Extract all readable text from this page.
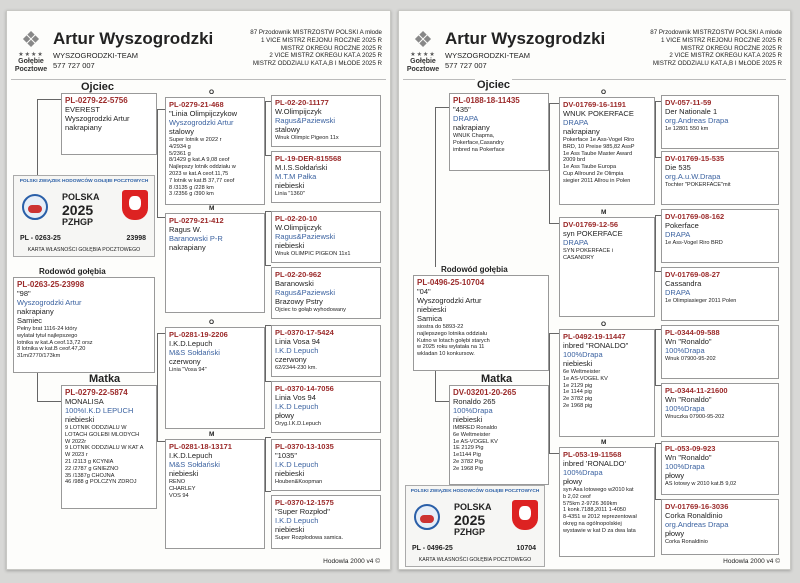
❖
★★★★
Gołębie Pocztowe
Artur Wyszogrodzki
WYSZOGRODZKI-TEAM
577 727 007
87 Przodownik MISTRZOSTW POLSKI A młode
1 VICE MISTRZ REJONU ROCZNE 2025 R
MISTRZ OKREGU ROCZNE 2025 R
2 VICE MISTRZ OKREGU KAT.A 2025 R
MISTRZ ODDZIALU KAT.A,B I MŁODE 2025 R
PL-0279-22-5756
EVEREST
Wyszogrodzki Artur
nakrapiany
Ojciec
POLSKI ZWIĄZEK HODOWCÓW GOŁĘBI POCZTOWYCH
POLSKA
2025
PZHGP
PL - 0263-25	23998
KARTA WŁASNOŚCI GOŁĘBIA POCZTOWEGO
Rodowód gołębia
PL-0263-25-23998
"98"
Wyszogrodzki Artur
nakrapiany
Samiec
Pełny brat 1116-24 który
wylatał tytuł najlepszego
lotnika w kat.A ceof.13,72 orsz
8 lotnika w kat.B ceof.47,20
31m/2770/173km
Matka
PL-0279-22-5874
MONALISA
100%I.K.D LEPUCH
niebieski
9 LOTNIK ODDZIALU W
LOTACH GOLEBI MLODYCH
W 2022r
9 LOTNIK ODDZIALU W KAT A
W 2023 r
21 /2113 g KCYNIA
22 /2787 g GNIEZNO
35 /1387g CHOJNA
46 /988 g POLCZYN ZDROJ
O
PL-0279-21-468
"Linia Olimpijczykow
Wyszogrodzki Artur
stalowy
Super lotnik w 2022 r
4/2934 g
5/2361 g
8/1429 g kat.A 9,08 ceof
Najlepszy lotnik oddziału w
2023 w kat.A ceof.11,75
7 lotnik w kat.B 37,77 ceof
8 /3135 g /228 km
3 /2356 g /390 km
M
PL-0279-21-412
Ragus W.
Baranowski P-R
nakrapiany
O
PL-0281-19-2206
I.K.D.Lepuch
M&S Sołdański
czerwony
Linia "Vosa 94"
M
PL-0281-18-13171
I.K.D.Lepuch
M&S Sołdański
niebieski
RENO
CHARLEY
VOS 94
PL-02-20-11177
W.Olimpijczyk
Ragus&Paziewski
stalowy
Wnuk Olimpic Pigeon 11x
PL-19-DER-815568
M.I.S.Sołdański
M.T.M Pałka
niebieski
Linia "1360"
PL-02-20-10
W.Olimpijczyk
Ragus&Paziewski
niebieski
Wnuk OLIMPIC PIGEON 11x1
PL-02-20-962
Baranowski
Ragus&Paziewski
Brazowy Pstry
Ojciec to gołąb wyhodowany
PL-0370-17-5424
Linia Vosa 94
I.K.D Lepuch
czerwony
62/2344-230 km.
PL-0370-14-7056
Linia Vos 94
I.K.D Lepuch
płowy
Oryg.I.K.D.Lepuch
PL-0370-13-1035
"1035"
I.K.D Lepuch
niebieski
Houben&Koopman
PL-0370-12-1575
"Super Rozpłod"
I.K.D Lepuch
niebieski
Super Rozpłodowa samica.
Hodowla 2000 v4 ©
❖
★★★★
Gołębie Pocztowe
Artur Wyszogrodzki
WYSZOGRODZKI-TEAM
577 727 007
87 Przodownik MISTRZOSTW POLSKI A młode
1 VICE MISTRZ REJONU ROCZNE 2025 R
MISTRZ OKREGU ROCZNE 2025 R
2 VICE MISTRZ OKREGU KAT.A 2025 R
MISTRZ ODDZIALU KAT.A,B I MŁODE 2025 R
Ojciec
PL-0188-18-11435
"435"
DRAPA
nakrapiany
WNUK Chapma,
Pokerface,Casandry
imbred na Pokerface
Rodowód gołębia
PL-0496-25-10704
"04"
Wyszogrodzki Artur
niebieski
Samica
siostra do 5893-22
najlepszego lotnika oddziału
Kutno w lotach gołębi starych
w 2025 roku wylatała na 11
wkladan 10 konkursow.
Matka
DV-03201-20-265
Ronaldo 265
100%Drapa
niebieski
IMBRED Ronaldo
6e Weltmeister
1e AS-VOGEL KV
1E 2129 Pig
1e1144 Pig
2e 3782 Pig
2e 1968 Pig
POLSKI ZWIĄZEK HODOWCÓW GOŁĘBI POCZTOWYCH
POLSKA
2025
PZHGP
PL - 0496-25	10704
KARTA WŁASNOŚCI GOŁĘBIA POCZTOWEGO
O
DV-01769-16-1191
WNUK POKERFACE
DRAPA
nakrapiany
Pokerface 1e Ass-Vogel Riro
BRD, 10 Preise 985,82 AssP
1e Ass Taube Master Award
2009 brd
1e Ass Taube Europa
Cup Allround 2e Olimpia
siegier 2011 Allrou in Polen
M
DV-01769-12-56
syn POKERFACE
DRAPA
SYN POKERFACE i
CASANDRY
O
PL-0492-19-11447
inbred "RONALDO"
100%Drapa
niebieski
6e Weltmeister
1e AS-VOGEL KV
1e 2129 pig
1e 1144 pig
2e 3782 pig
2e 1968 pig
M
PL-053-19-11568
inbred 'RONALDO'
100%Drapa
płowy
syn Asa lotowego w2010 kat
b 2,02 ceof
575km 2-9726 369km
1 konk.7188,2011 1-4050
8-4351 w 2012 reprezentował
okręg na ogólnopolskiej
wystawie w kat D za dwa lata
DV-057-11-59
Der Nationale 1
org.Andreas Drapa
1e 12801 550 km
DV-01769-15-535
Die 535
org.A.u.W.Drapa
Tochter "POKERFACE"mit
DV-01769-08-162
Pokerface
DRAPA
1e Ass-Vogel Riro BRD
DV-01769-08-27
Cassandra
DRAPA
1e Olimpiasieger 2011 Polen
PL-0344-09-588
Wn "Ronaldo"
100%Drapa
Wnuk 07900-95-202
PL-0344-11-21600
Wn "Ronaldo"
100%Drapa
Wnuczka 07900-95-202
PL-053-09-923
Wn "Ronaldo"
100%Drapa
płowy
AS lotowy w 2010 kat.B 9,02
DV-01769-16-3036
Corka Ronaldinio
org.Andreas Drapa
płowy
Corka Ronaldinio
Hodowla 2000 v4 ©
